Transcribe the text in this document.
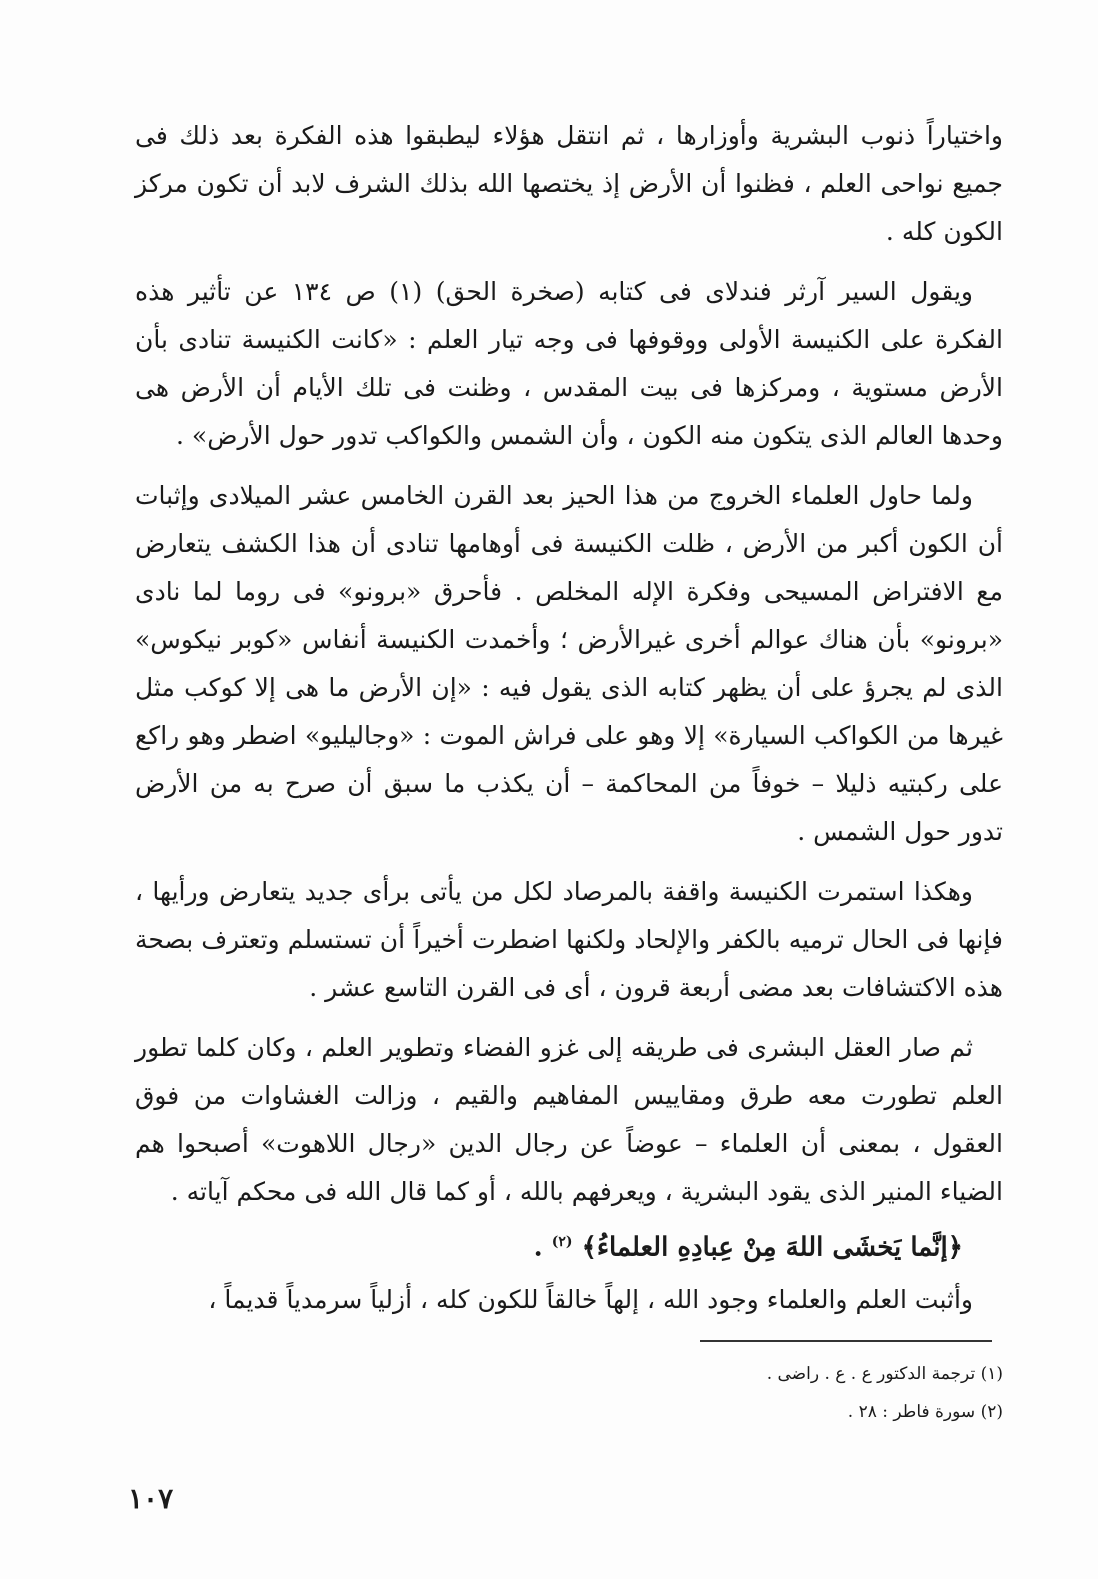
واختياراً ذنوب البشرية وأوزارها ، ثم انتقل هؤلاء ليطبقوا هذه الفكرة بعد ذلك فى جميع نواحى العلم ، فظنوا أن الأرض إذ يختصها الله بذلك الشرف لابد أن تكون مركز الكون كله .

ويقول السير آرثر فندلاى فى كتابه (صخرة الحق) (١) ص ١٣٤ عن تأثير هذه الفكرة على الكنيسة الأولى ووقوفها فى وجه تيار العلم : «كانت الكنيسة تنادى بأن الأرض مستوية ، ومركزها فى بيت المقدس ، وظنت فى تلك الأيام أن الأرض هى وحدها العالم الذى يتكون منه الكون ، وأن الشمس والكواكب تدور حول الأرض» .

ولما حاول العلماء الخروج من هذا الحيز بعد القرن الخامس عشر الميلادى وإثبات أن الكون أكبر من الأرض ، ظلت الكنيسة فى أوهامها تنادى أن هذا الكشف يتعارض مع الافتراض المسيحى وفكرة الإله المخلص . فأحرق «برونو» فى روما لما نادى «برونو» بأن هناك عوالم أخرى غيرالأرض ؛ وأخمدت الكنيسة أنفاس «كوبر نيكوس» الذى لم يجرؤ على أن يظهر كتابه الذى يقول فيه : «إن الأرض ما هى إلا كوكب مثل غيرها من الكواكب السيارة» إلا وهو على فراش الموت : «وجاليليو» اضطر وهو راكع على ركبتيه ذليلا – خوفاً من المحاكمة – أن يكذب ما سبق أن صرح به من الأرض تدور حول الشمس .

وهكذا استمرت الكنيسة واقفة بالمرصاد لكل من يأتى برأى جديد يتعارض ورأيها ، فإنها فى الحال ترميه بالكفر والإلحاد ولكنها اضطرت أخيراً أن تستسلم وتعترف بصحة هذه الاكتشافات بعد مضى أربعة قرون ، أى فى القرن التاسع عشر .

ثم صار العقل البشرى فى طريقه إلى غزو الفضاء وتطوير العلم ، وكان كلما تطور العلم تطورت معه طرق ومقاييس المفاهيم والقيم ، وزالت الغشاوات من فوق العقول ، بمعنى أن العلماء – عوضاً عن رجال الدين «رجال اللاهوت» أصبحوا هم الضياء المنير الذى يقود البشرية ، ويعرفهم بالله ، أو كما قال الله فى محكم آياته .

﴿إنَّما يَخشَى اللهَ مِنْ عِبادِهِ العلماءُ﴾ $^{(٢)}$ .

وأثبت العلم والعلماء وجود الله ، إلهاً خالقاً للكون كله ، أزلياً سرمدياً قديماً ،

(١) ترجمة الدكتور ع . ع . راضى .
(٢) سورة فاطر : ٢٨ .
١٠٧
